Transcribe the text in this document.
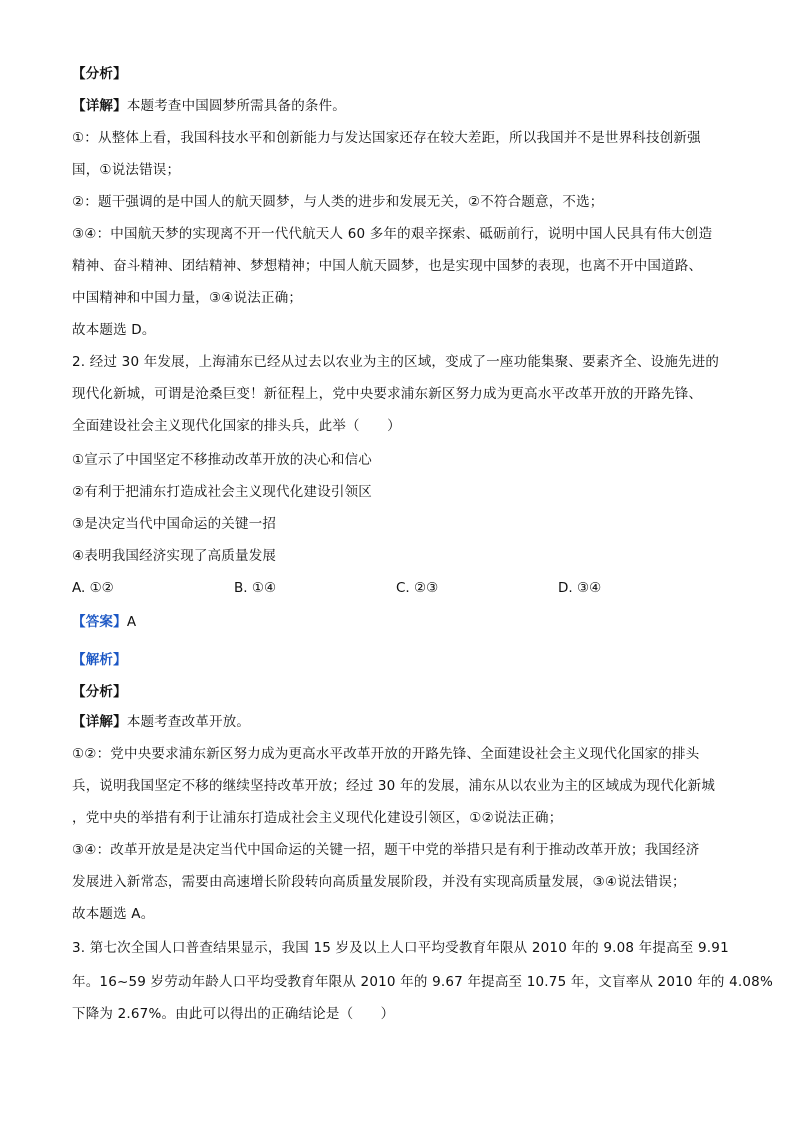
【分析】
【详解】本题考查中国圆梦所需具备的条件。
①：从整体上看，我国科技水平和创新能力与发达国家还存在较大差距，所以我国并不是世界科技创新强
国，①说法错误；
②：题干强调的是中国人的航天圆梦，与人类的进步和发展无关，②不符合题意，不选；
③④：中国航天梦的实现离不开一代代航天人 60 多年的艰辛探索、砥砺前行，说明中国人民具有伟大创造
精神、奋斗精神、团结精神、梦想精神；中国人航天圆梦，也是实现中国梦的表现，也离不开中国道路、
中国精神和中国力量，③④说法正确；
故本题选 D。
2. 经过 30 年发展，上海浦东已经从过去以农业为主的区域，变成了一座功能集聚、要素齐全、设施先进的
现代化新城，可谓是沧桑巨变！新征程上，党中央要求浦东新区努力成为更高水平改革开放的开路先锋、
全面建设社会主义现代化国家的排头兵，此举（　　）
①宣示了中国坚定不移推动改革开放的决心和信心
②有利于把浦东打造成社会主义现代化建设引领区
③是决定当代中国命运的关键一招
④表明我国经济实现了高质量发展
A. ①②	B. ①④	C. ②③	D. ③④
【答案】A
【解析】
【分析】
【详解】本题考查改革开放。
①②：党中央要求浦东新区努力成为更高水平改革开放的开路先锋、全面建设社会主义现代化国家的排头
兵，说明我国坚定不移的继续坚持改革开放；经过 30 年的发展，浦东从以农业为主的区域成为现代化新城
，党中央的举措有利于让浦东打造成社会主义现代化建设引领区，①②说法正确；
③④：改革开放是是决定当代中国命运的关键一招，题干中党的举措只是有利于推动改革开放；我国经济
发展进入新常态，需要由高速增长阶段转向高质量发展阶段，并没有实现高质量发展，③④说法错误；
故本题选 A。
3. 第七次全国人口普查结果显示，我国 15 岁及以上人口平均受教育年限从 2010 年的 9.08 年提高至 9.91
年。16~59 岁劳动年龄人口平均受教育年限从 2010 年的 9.67 年提高至 10.75 年，文盲率从 2010 年的 4.08%
下降为 2.67%。由此可以得出的正确结论是（　　）
